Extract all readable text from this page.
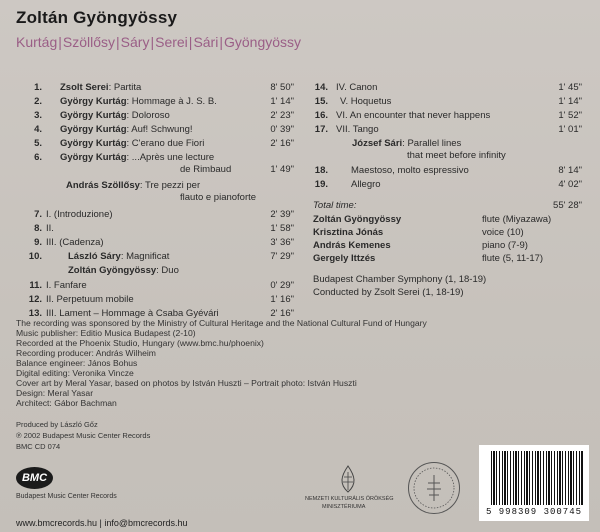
Zoltán Gyöngyössy
Kurtág|Szöllősy|Sáry|Serei|Sári|Gyöngyössy
1. Zsolt Serei: Partita	8' 50"
2. György Kurtág: Hommage à J. S. B.	1' 14"
3. György Kurtág: Doloroso	2' 23"
4. György Kurtág: Auf! Schwung!	0' 39"
5. György Kurtág: C'erano due Fiori	2' 16"
6. György Kurtág: ...Après une lecture
de Rimbaud	1' 49"
András Szöllősy: Tre pezzi per
flauto e pianoforte
7. I. (Introduzione)	2' 39"
8. II.	1' 58"
9. III. (Cadenza)	3' 36"
10.	László Sáry: Magnificat	7' 29"
Zoltán Gyöngyössy: Duo
11. I. Fanfare	0' 29"
12. II. Perpetuum mobile	1' 16"
13. III. Lament – Hommage à Csaba Gyévári	2' 16"
14. IV. Canon	1' 45"
15. V. Hoquetus	1' 14"
16. VI. An encounter that never happens	1' 52"
17. VII. Tango	1' 01"
József Sári: Parallel lines
that meet before infinity
18. Maestoso, molto espressivo	8' 14"
19. Allegro	4' 02"
Total time:	55' 28"
Zoltán Gyöngyössy	flute (Miyazawa)
Krisztina Jónás	voice (10)
András Kemenes	piano (7-9)
Gergely Ittzés	flute (5, 11-17)
Budapest Chamber Symphony (1, 18-19)
Conducted by Zsolt Serei (1, 18-19)
The recording was sponsored by the Ministry of Cultural Heritage and the National Cultural Fund of Hungary
Music publisher: Editio Musica Budapest (2-10)
Recorded at the Phoenix Studio, Hungary (www.bmc.hu/phoenix)
Recording producer: András Wilheim
Balance engineer: János Bohus
Digital editing: Veronika Vincze
Cover art by Meral Yasar, based on photos by István Huszti – Portrait photo: István Huszti
Design: Meral Yasar
Architect: Gábor Bachman
Produced by László Gőz
℗ 2002 Budapest Music Center Records
BMC CD 074
BMC
Budapest Music Center Records
www.bmcrecords.hu | info@bmcrecords.hu
NEMZETI KULTURÁLIS ÖRÖKSÉG
MINISZTÉRIUMA	5 998309 300745
